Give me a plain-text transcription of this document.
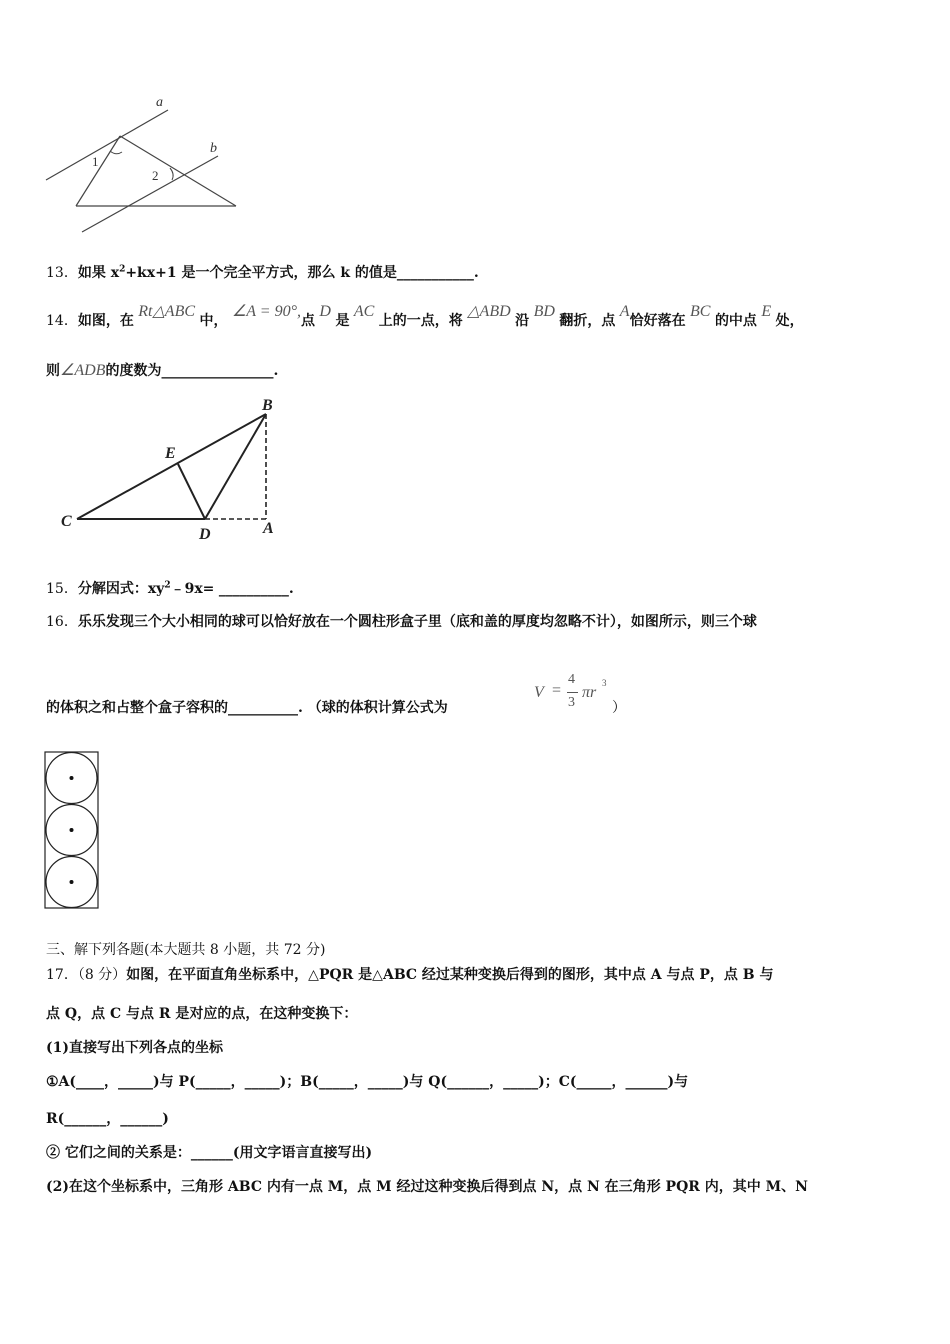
a
b
1
2
13．如果 $x^2+kx+1$ 是一个完全平方式，那么 k 的值是___________.
14．如图，在 Rt△ABC 中， ∠A = 90°,点 D 是 AC 上的一点，将 △ABD 沿 BD 翻折，点 A恰好落在 BC 的中点 E 处，
则∠ADB的度数为________________.
B
E
C
D	A
15．分解因式：$xy^2﹣9x=$ __________.
16．乐乐发现三个大小相同的球可以恰好放在一个圆柱形盒子里（底和盖的厚度均忽略不计），如图所示，则三个球
的体积之和占整个盒子容积的__________. （球的体积计算公式为
V =
4
3
πr
3
）
三、解下列各题(本大题共 8 小题，共 72 分)
17．（8 分）如图，在平面直角坐标系中，△PQR 是△ABC 经过某种变换后得到的图形，其中点 A 与点 P，点 B 与
点 Q，点 C 与点 R 是对应的点，在这种变换下：
(1)直接写出下列各点的坐标
①A(____，_____)与 P(_____，_____)；B(_____，_____)与 Q(______，_____)；C(_____，______)与
R(______，______)
② 它们之间的关系是：______(用文字语言直接写出)
(2)在这个坐标系中，三角形 ABC 内有一点 M，点 M 经过这种变换后得到点 N，点 N 在三角形 PQR 内，其中 M、N
